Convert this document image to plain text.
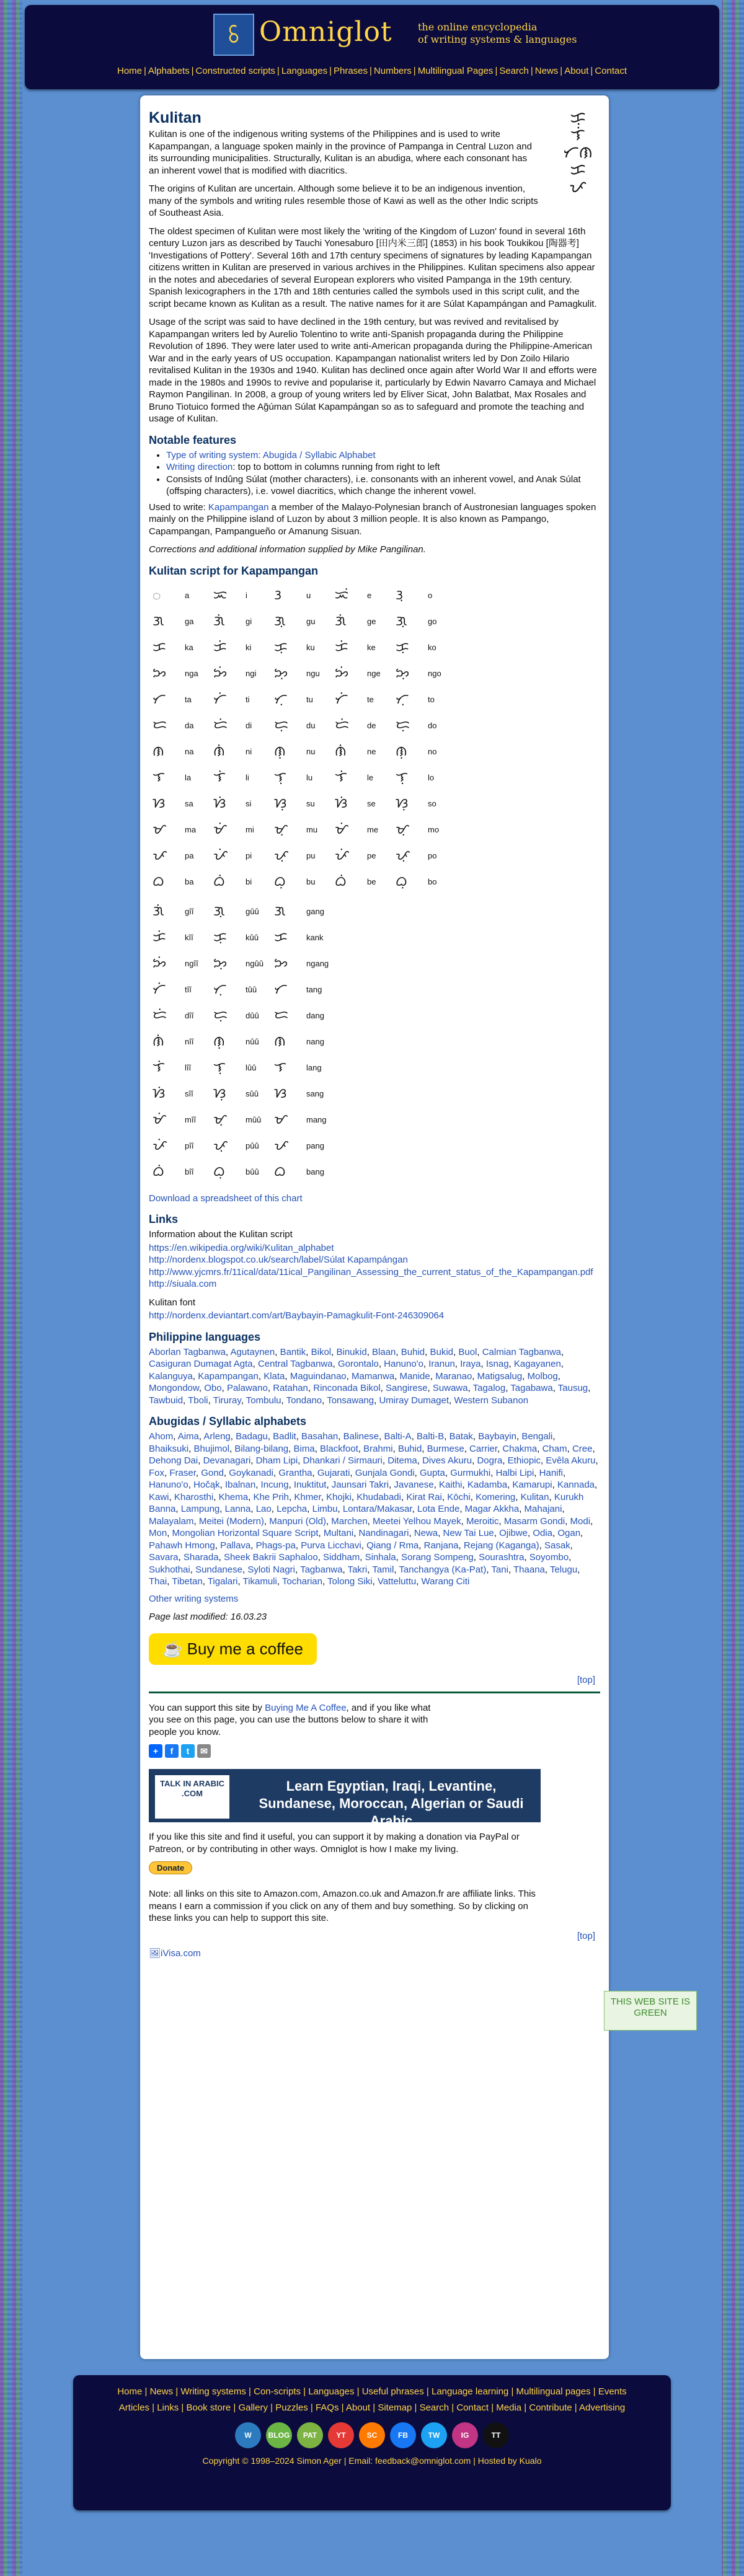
ꗏ Omniglot	the online encyclopedia
of writing systems & languages
Home | Alphabets | Constructed scripts | Languages | Phrases | Numbers | Multilingual Pages | Search | News | About | Contact
ᜃᜓ
ᜎᜒ
ᜆᜈ
ᜃ
ᜉ
Kulitan

Kulitan is one of the indigenous writing systems of the Philippines and is used to write Kapampangan, a language spoken mainly in the province of Pampanga in Central Luzon and its surrounding municipalities. Structurally, Kulitan is an abudiga, where each consonant has an inherent vowel that is modified with diacritics.

The origins of Kulitan are uncertain. Although some believe it to be an indigenous invention, many of the symbols and writing rules resemble those of Kawi as well as the other Indic scripts of Southeast Asia.

The oldest specimen of Kulitan were most likely the 'writing of the Kingdom of Luzon' found in several 16th century Luzon jars as described by Tauchi Yonesaburo [田内米三郎] (1853) in his book Toukikou [陶器考] 'Investigations of Pottery'. Several 16th and 17th century specimens of signatures by leading Kapampangan citizens written in Kulitan are preserved in various archives in the Philippines. Kulitan specimens also appear in the notes and abecedaries of several European explorers who visited Pampanga in the 19th century. Spanish lexicographers in the 17th and 18th centuries called the symbols used in this script culit, and the script became known as Kulitan as a result. The native names for it are Súlat Kapampángan and Pamagkulit.

Usage of the script was said to have declined in the 19th century, but was revived and revitalised by Kapampangan writers led by Aurelio Tolentino to write anti-Spanish propaganda during the Philippine Revolution of 1896. They were later used to write anti-American propaganda during the Philippine-American War and in the early years of US occupation. Kapampangan nationalist writers led by Don Zoilo Hilario revitalised Kulitan in the 1930s and 1940. Kulitan has declined once again after World War II and efforts were made in the 1980s and 1990s to revive and popularise it, particularly by Edwin Navarro Camaya and Michael Raymon Pangilinan. In 2008, a group of young writers led by Eliver Sicat, John Balatbat, Max Rosales and Bruno Tiotuico formed the Ag̃úman Súlat Kapampángan so as to safeguard and promote the teaching and usage of Kulitan.

Notable features
• Type of writing system: Abugida / Syllabic Alphabet
• Writing direction: top to bottom in columns running from right to left
• Consists of Indûng Súlat (mother characters), i.e. consonants with an inherent vowel, and Anak Súlat (offsping characters), i.e. vowel diacritics, which change the inherent vowel.

Used to write: Kapampangan a member of the Malayo-Polynesian branch of Austronesian languages spoken mainly on the Philippine island of Luzon by about 3 million people. It is also known as Pampango, Capampangan, Pampangueño or Amanung Sisuan.

Corrections and additional information supplied by Mike Pangilinan.

Kulitan script for Kapampangan
ᜀ	a	ᜁ	i	ᜂ	u	ᜁᜒ	e	ᜂᜓ	o
ᜄ	ga	ᜄᜒ	gi	ᜄᜓ	gu	ᜄᜒ	ge	ᜄᜓ	go
ᜃ	ka	ᜃᜒ	ki	ᜃᜓ	ku	ᜃᜒ	ke	ᜃᜓ	ko
ᜅ	nga	ᜅᜒ	ngi	ᜅᜓ	ngu	ᜅᜒ	nge	ᜅᜓ	ngo
ᜆ	ta	ᜆᜒ	ti	ᜆᜓ	tu	ᜆᜒ	te	ᜆᜓ	to
ᜇ	da	ᜇᜒ	di	ᜇᜓ	du	ᜇᜒ	de	ᜇᜓ	do
ᜈ	na	ᜈᜒ	ni	ᜈᜓ	nu	ᜈᜒ	ne	ᜈᜓ	no
ᜎ	la	ᜎᜒ	li	ᜎᜓ	lu	ᜎᜒ	le	ᜎᜓ	lo
ᜐ	sa	ᜐᜒ	si	ᜐᜓ	su	ᜐᜒ	se	ᜐᜓ	so
ᜋ	ma	ᜋᜒ	mi	ᜋᜓ	mu	ᜋᜒ	me	ᜋᜓ	mo
ᜉ	pa	ᜉᜒ	pi	ᜉᜓ	pu	ᜉᜒ	pe	ᜉᜓ	po
ᜊ	ba	ᜊᜒ	bi	ᜊᜓ	bu	ᜊᜒ	be	ᜊᜓ	bo
ᜄᜒ	gîî	ᜄᜓ	gûû	ᜄ	gang
ᜃᜒ	kîî	ᜃᜓ	kûû	ᜃ	kank
ᜅᜒ	ngîî	ᜅᜓ	ngûû ᜅ	ngang
ᜆᜒ	tîî	ᜆᜓ	tûû	ᜆ	tang
ᜇᜒ	dîî	ᜇᜓ	dûû	ᜇ	dang
ᜈᜒ	nîî	ᜈᜓ	nûû	ᜈ	nang
ᜎᜒ	lîî	ᜎᜓ	lûû	ᜎ	lang
ᜐᜒ	sîî	ᜐᜓ	sûû	ᜐ	sang
ᜋᜒ	mîî	ᜋᜓ	mûû ᜋ	mang
ᜉᜒ	pîî	ᜉᜓ	pûû	ᜉ	pang
ᜊᜒ	bîî	ᜊᜓ	bûû	ᜊ	bang

Download a spreadsheet of this chart

Links

Information about the Kulitan script

https://en.wikipedia.org/wiki/Kulitan_alphabet
http://nordenx.blogspot.co.uk/search/label/Súlat Kapampángan
http://www.yjcmrs.fr/11ical/data/11ical_Pangilinan_Assessing_the_current_status_of_the_Kapampangan.pdf
http://siuala.com

Kulitan font

http://nordenx.deviantart.com/art/Baybayin-Pamagkulit-Font-246309064

Philippine languages
Aborlan Tagbanwa, Agutaynen, Bantik, Bikol, Binukid, Blaan, Buhid, Bukid, Buol, Calmian Tagbanwa, Casiguran Dumagat Agta, Central Tagbanwa, Gorontalo, Hanuno'o, Iranun, Iraya, Isnag, Kagayanen, Kalanguya, Kapampangan, Klata, Maguindanao, Mamanwa, Manide, Maranao, Matigsalug, Molbog, Mongondow, Obo, Palawano, Ratahan, Rinconada Bikol, Sangirese, Suwawa, Tagalog, Tagabawa, Tausug, Tawbuid, Tboli, Tiruray, Tombulu, Tondano, Tonsawang, Umiray Dumaget, Western Subanon
Abugidas / Syllabic alphabets
Ahom, Aima, Arleng, Badagu, Badlit, Basahan, Balinese, Balti-A, Balti-B, Batak, Baybayin, Bengali, Bhaiksuki, Bhujimol, Bilang-bilang, Bima, Blackfoot, Brahmi, Buhid, Burmese, Carrier, Chakma, Cham, Cree, Dehong Dai, Devanagari, Dham Lipi, Dhankari / Sirmauri, Ditema, Dives Akuru, Dogra, Ethiopic, Evêla Akuru, Fox, Fraser, Gond, Goykanadi, Grantha, Gujarati, Gunjala Gondi, Gupta, Gurmukhi, Halbi Lipi, Hanifi, Hanuno'o, Hočąk, Ibalnan, Incung, Inuktitut, Jaunsari Takri, Javanese, Kaithi, Kadamba, Kamarupi, Kannada, Kawi, Kharosthi, Khema, Khe Prih, Khmer, Khojki, Khudabadi, Kirat Rai, Kōchi, Komering, Kulitan, Kurukh Banna, Lampung, Lanna, Lao, Lepcha, Limbu, Lontara/Makasar, Lota Ende, Magar Akkha, Mahajani, Malayalam, Meitei (Modern), Manpuri (Old), Marchen, Meetei Yelhou Mayek, Meroitic, Masarm Gondi, Modi, Mon, Mongolian Horizontal Square Script, Multani, Nandinagari, Newa, New Tai Lue, Ojibwe, Odia, Ogan, Pahawh Hmong, Pallava, Phags-pa, Purva Licchavi, Qiang / Rma, Ranjana, Rejang (Kaganga), Sasak, Savara, Sharada, Sheek Bakrii Saphaloo, Siddham, Sinhala, Sorang Sompeng, Sourashtra, Soyombo, Sukhothai, Sundanese, Syloti Nagri, Tagbanwa, Takri, Tamil, Tanchangya (Ka-Pat), Tani, Thaana, Telugu, Thai, Tibetan, Tigalari, Tikamuli, Tocharian, Tolong Siki, Vatteluttu, Warang Citi

Other writing systems

Page last modified: 16.03.23

☕ Buy me a coffee
[top]

You can support this site by Buying Me A Coffee, and if you like what you see on this page, you can use the buttons below to share it with people you know.

+	f	t	✉
TALK IN ARABIC .COM	Learn Egyptian, Iraqi, Levantine, Sundanese, Moroccan, Algerian or Saudi Arabic

If you like this site and find it useful, you can support it by making a donation via PayPal or Patreon, or by contributing in other ways. Omniglot is how I make my living.

Donate

Note: all links on this site to Amazon.com, Amazon.co.uk and Amazon.fr are affiliate links. This means I earn a commission if you click on any of them and buy something. So by clicking on these links you can help to support this site.

[top]

🖼iVisa.com

THIS WEB SITE IS GREEN
Home | News | Writing systems | Con-scripts | Languages | Useful phrases | Language learning | Multilingual pages | Events
Articles | Links | Book store | Gallery | Puzzles | FAQs | About | Sitemap | Search | Contact | Media | Contribute | Advertising
W	BLOG	PAT	YT	SC	FB	TW	IG	TT
Copyright © 1998–2024 Simon Ager | Email: feedback@omniglot.com | Hosted by Kualo
